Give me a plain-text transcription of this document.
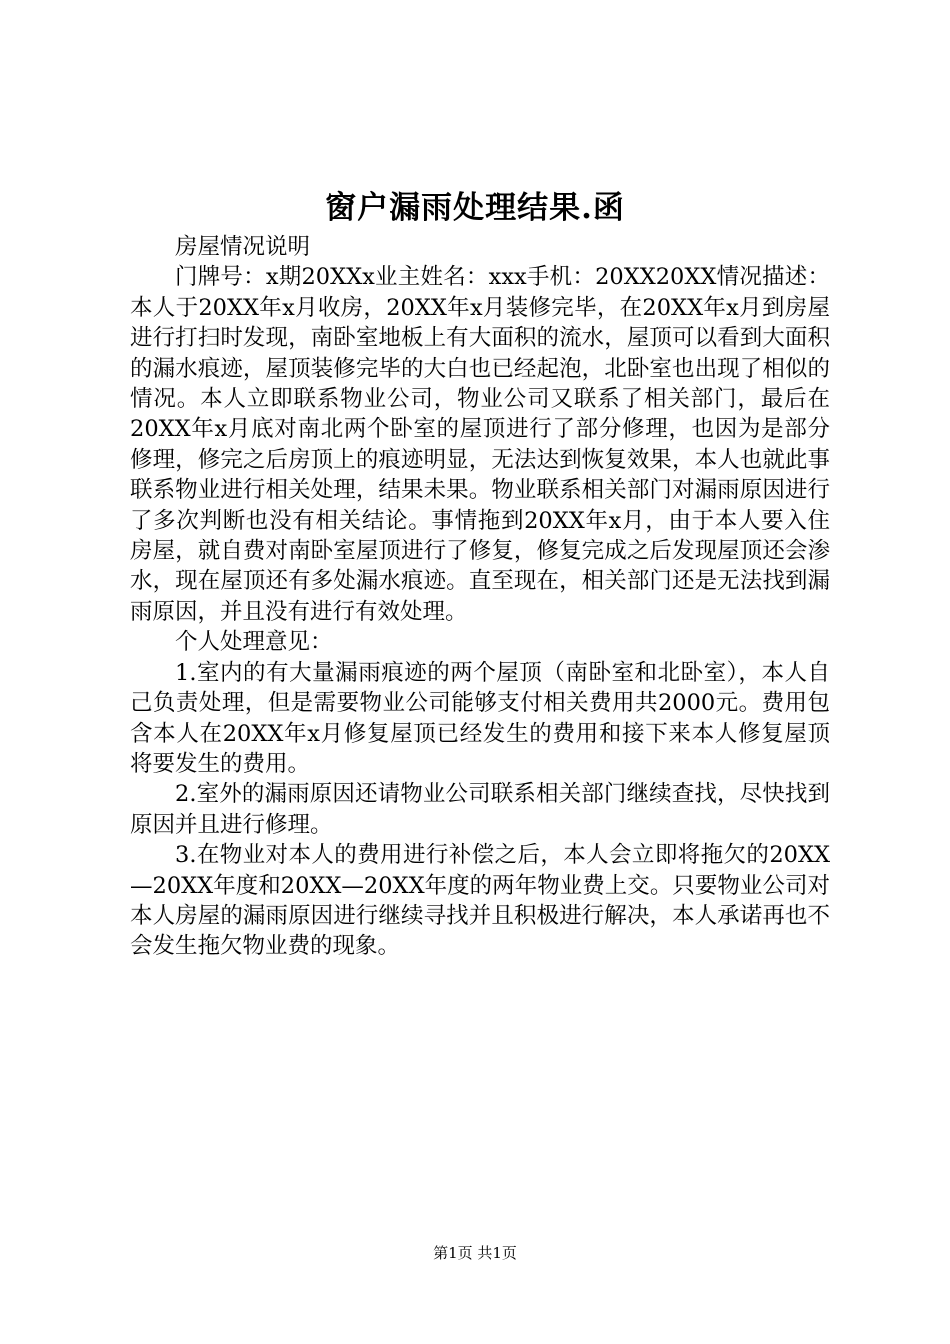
窗户漏雨处理结果.函

房屋情况说明

门牌号：x期20XXx业主姓名：xxx手机：20XX20XX情况描述：本人于20XX年x月收房，20XX年x月装修完毕，在20XX年x月到房屋进行打扫时发现，南卧室地板上有大面积的流水，屋顶可以看到大面积的漏水痕迹，屋顶装修完毕的大白也已经起泡，北卧室也出现了相似的情况。本人立即联系物业公司，物业公司又联系了相关部门，最后在20XX年x月底对南北两个卧室的屋顶进行了部分修理，也因为是部分修理，修完之后房顶上的痕迹明显，无法达到恢复效果，本人也就此事联系物业进行相关处理，结果未果。物业联系相关部门对漏雨原因进行了多次判断也没有相关结论。事情拖到20XX年x月，由于本人要入住房屋，就自费对南卧室屋顶进行了修复，修复完成之后发现屋顶还会渗水，现在屋顶还有多处漏水痕迹。直至现在，相关部门还是无法找到漏雨原因，并且没有进行有效处理。

个人处理意见：

1.室内的有大量漏雨痕迹的两个屋顶（南卧室和北卧室），本人自己负责处理，但是需要物业公司能够支付相关费用共2000元。费用包含本人在20XX年x月修复屋顶已经发生的费用和接下来本人修复屋顶将要发生的费用。

2.室外的漏雨原因还请物业公司联系相关部门继续查找，尽快找到原因并且进行修理。

3.在物业对本人的费用进行补偿之后，本人会立即将拖欠的20XX—20XX年度和20XX—20XX年度的两年物业费上交。只要物业公司对本人房屋的漏雨原因进行继续寻找并且积极进行解决，本人承诺再也不会发生拖欠物业费的现象。

第1页 共1页
